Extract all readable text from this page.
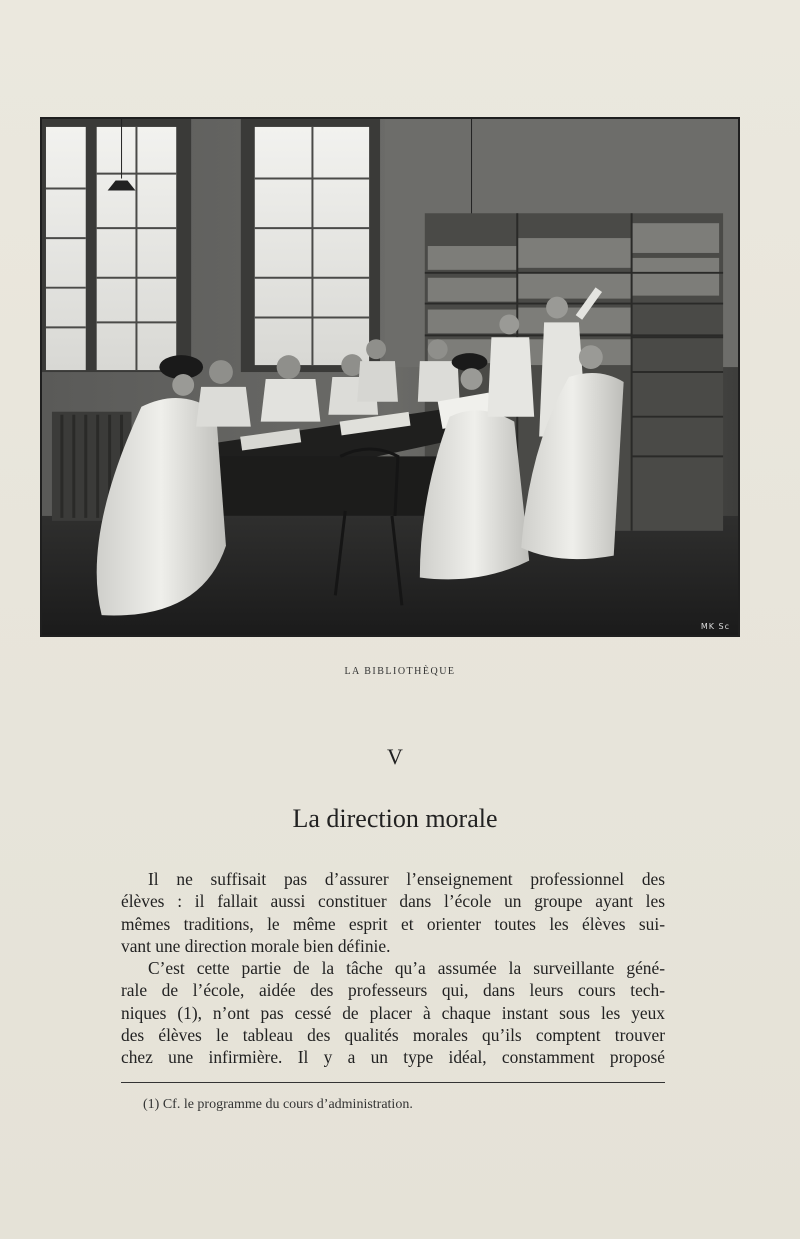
MK Sc
LA BIBLIOTHÈQUE
V
La direction morale
Il ne suffisait pas d’assurer l’enseignement professionnel des
élèves : il fallait aussi constituer dans l’école un groupe ayant les
mêmes traditions, le même esprit et orienter toutes les élèves sui-
vant une direction morale bien définie.
C’est cette partie de la tâche qu’a assumée la surveillante géné-
rale de l’école, aidée des professeurs qui, dans leurs cours tech-
niques (1), n’ont pas cessé de placer à chaque instant sous les yeux
des élèves le tableau des qualités morales qu’ils comptent trouver
chez une infirmière. Il y a un type idéal, constamment proposé
(1) Cf. le programme du cours d’administration.
